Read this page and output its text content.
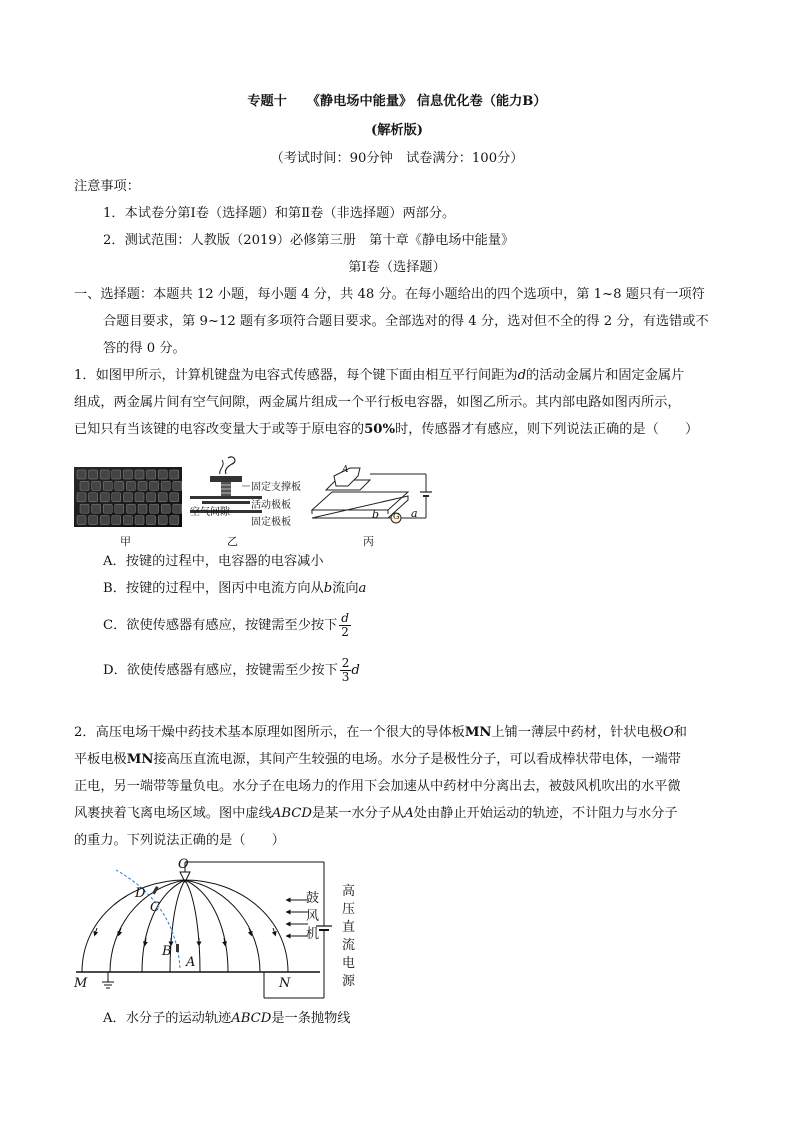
专题十　　《静电场中能量》 信息优化卷（能力B）
(解析版)
（考试时间：90分钟　试卷满分：100分）
注意事项：
1．本试卷分第Ⅰ卷（选择题）和第Ⅱ卷（非选择题）两部分。
2．测试范围：人教版（2019）必修第三册　第十章《静电场中能量》
第Ⅰ卷（选择题）
一、选择题：本题共 12 小题，每小题 4 分，共 48 分。在每小题给出的四个选项中，第 1~8 题只有一项符
合题目要求，第 9~12 题有多项符合题目要求。全部选对的得 4 分，选对但不全的得 2 分，有选错或不
答的得 0 分。
1．如图甲所示，计算机键盘为电容式传感器，每个键下面由相互平行间距为d的活动金属片和固定金属片
组成，两金属片间有空气间隙，两金属片组成一个平行板电容器，如图乙所示。其内部电路如图丙所示，
已知只有当该键的电容改变量大于或等于原电容的50%时，传感器才有感应，则下列说法正确的是（　　）
固定支撑板
活动极板
固定极板
空气间隙
A
b G a
甲	乙	丙
A．按键的过程中，电容器的电容减小
B．按键的过程中，图丙中电流方向从b流向a
C．欲使传感器有感应，按键需至少按下 $\frac{d}{2}$
D．欲使传感器有感应，按键需至少按下 $\frac{2}{3}$ d
2．高压电场干燥中药技术基本原理如图所示，在一个很大的导体板MN上铺一薄层中药材，针状电极O和
平板电极MN接高压直流电源，其间产生较强的电场。水分子是极性分子，可以看成棒状带电体，一端带
正电，另一端带等量负电。水分子在电场力的作用下会加速从中药材中分离出去，被鼓风机吹出的水平微
风裹挟着飞离电场区域。图中虚线ABCD是某一水分子从A处由静止开始运动的轨迹，不计阻力与水分子
的重力。下列说法正确的是（　　）
O
D
C
B
A
M	N
鼓
风
机
高
压
直
流
电
源
A．水分子的运动轨迹ABCD是一条抛物线
